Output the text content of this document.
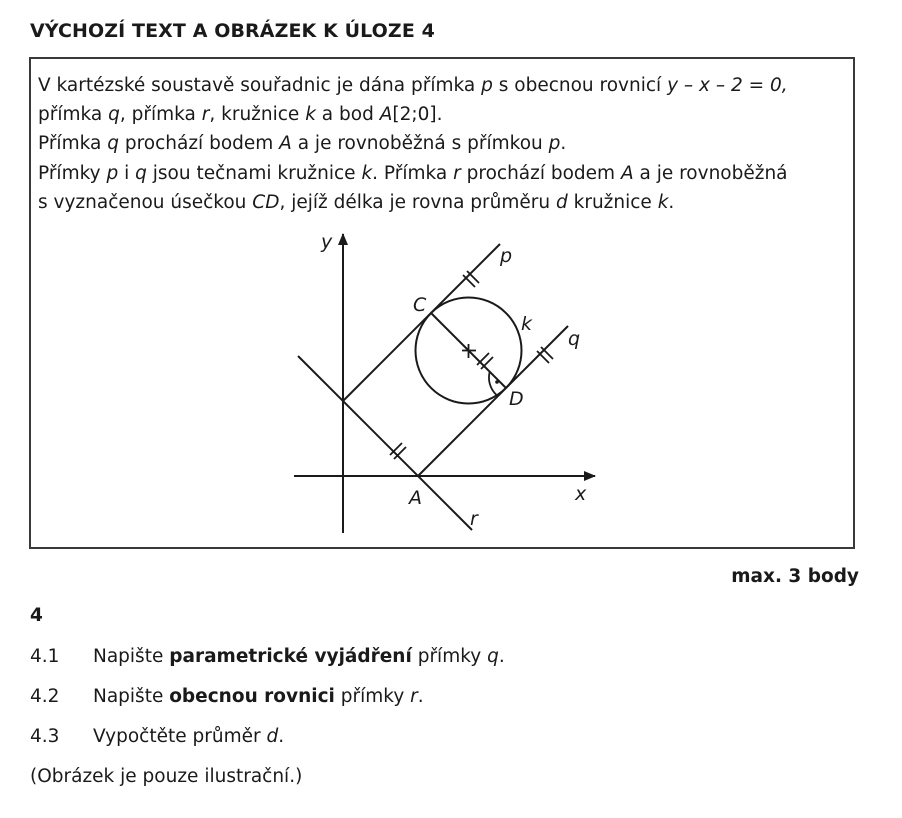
VÝCHOZÍ TEXT A OBRÁZEK K ÚLOZE 4
V kartézské soustavě souřadnic je dána přímka p s obecnou rovnicí y – x – 2 = 0,
přímka q, přímka r, kružnice k a bod A[2;0].
Přímka q prochází bodem A a je rovnoběžná s přímkou p.
Přímky p i q jsou tečnami kružnice k. Přímka r prochází bodem A a je rovnoběžná
s vyznačenou úsečkou CD, jejíž délka je rovna průměru d kružnice k.
y
x
p
q
r
k
C
D
A
max. 3 body
4
4.1 Napište parametrické vyjádření přímky q.
4.2 Napište obecnou rovnici přímky r.
4.3 Vypočtěte průměr d.
(Obrázek je pouze ilustrační.)
